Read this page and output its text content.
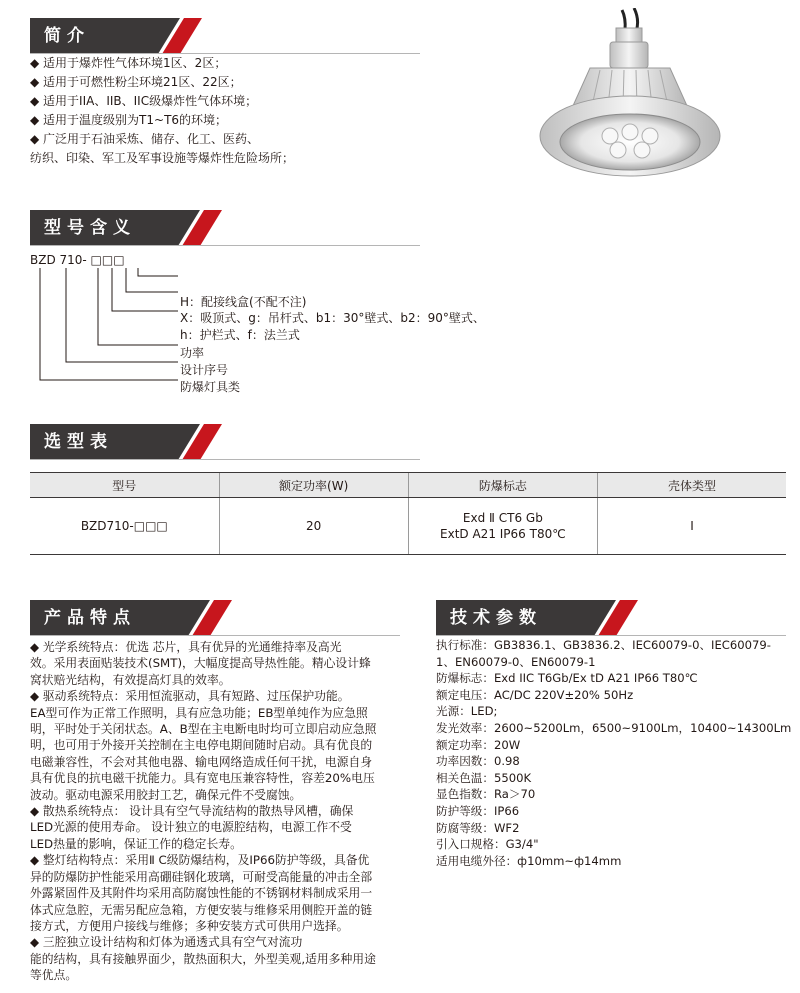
简介
◆ 适用于爆炸性气体环境1区、2区；
◆ 适用于可燃性粉尘环境21区、22区；
◆ 适用于IIA、IIB、IIC级爆炸性气体环境；
◆ 适用于温度级别为T1~T6的环境；
◆ 广泛用于石油采炼、储存、化工、医药、
纺织、印染、军工及军事设施等爆炸性危险场所；
型号含义
BZD 710- □□□
H：配接线盒(不配不注)
X：吸顶式、g：吊杆式、b1：30°壁式、b2：90°壁式、
h：护栏式、f：法兰式
功率
设计序号
防爆灯具类
选型表
型号	额定功率(W)	防爆标志	壳体类型
BZD710-□□□	20	Exd Ⅱ CT6 Gb
ExtD A21 IP66 T80℃	Ⅰ
产品特点
◆ 光学系统特点：优选 芯片，具有优异的光通维持率及高光
效。采用表面贴装技术(SMT)，大幅度提高导热性能。精心设计蜂
窝状赔光结构，有效提高灯具的效率。
◆ 驱动系统特点：采用恒流驱动，具有短路、过压保护功能。
EA型可作为正常工作照明，具有应急功能；EB型单纯作为应急照
明，平时处于关闭状态。A、B型在主电断电时均可立即启动应急照
明，也可用于外接开关控制在主电停电期间随时启动。具有优良的
电磁兼容性，不会对其他电器、输电网络造成任何干扰，电源自身
具有优良的抗电磁干扰能力。具有宽电压兼容特性，容差20%电压
波动。驱动电源采用胶封工艺，确保元件不受腐蚀。
◆ 散热系统特点： 设计具有空气导流结构的散热导风槽，确保
LED光源的使用寿命。 设计独立的电源腔结构，电源工作不受
LED热量的影响，保证工作的稳定长寿。
◆ 整灯结构特点：采用Ⅱ C级防爆结构，及IP66防护等级，具备优
异的防爆防护性能采用高硼硅钢化玻璃，可耐受高能量的冲击全部
外露紧固件及其附件均采用高防腐蚀性能的不锈钢材料制成采用一
体式应急腔，无需另配应急箱，方便安装与维修采用侧腔开盖的链
接方式，方便用户接线与维修；多种安装方式可供用户选择。
◆ 三腔独立设计结构和灯体为通透式具有空气对流功
能的结构，具有接触界面少，散热面积大，外型美观,适用多种用途
等优点。
技术参数
执行标准：GB3836.1、GB3836.2、IEC60079-0、IEC60079-
1、EN60079-0、EN60079-1
防爆标志：Exd IIC T6Gb/Ex tD A21 IP66 T80℃
额定电压：AC/DC 220V±20% 50Hz
光源：LED;
发光效率：2600~5200Lm，6500~9100Lm，10400~14300Lm
额定功率：20W
功率因数：0.98
相关色温：5500K
显色指数：Ra＞70
防护等级：IP66
防腐等级：WF2
引入口规格：G3/4"
适用电缆外径：ф10mm~ф14mm
